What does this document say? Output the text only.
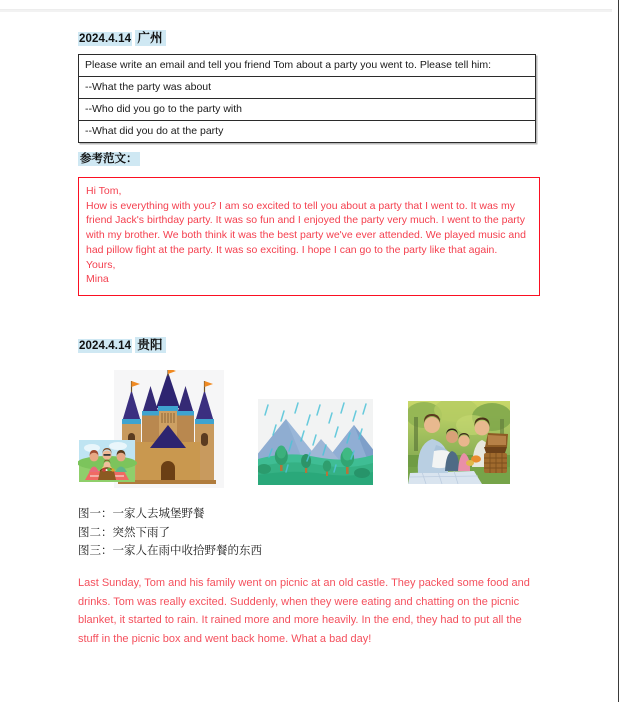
2024.4.14 广州
Please write an email and tell you friend Tom about a party you went to. Please tell him:
--What the party was about
--Who did you go to the party with
--What did you do at the party
参考范文：

Hi Tom,

How is everything with you? I am so excited to tell you about a party that I went to. It was my friend Jack's birthday party. It was so fun and I enjoyed the party very much. I went to the party with my brother. We both think it was the best party we've ever attended. We played music and had pillow fight at the party. It was so exciting. I hope I can go to the party like that again.

Yours,

Mina

2024.4.14 贵阳
图一：一家人去城堡野餐
图二：突然下雨了
图三：一家人在雨中收拾野餐的东西
Last Sunday, Tom and his family went on picnic at an old castle. They packed some food and drinks. Tom was really excited. Suddenly, when they were eating and chatting on the picnic blanket, it started to rain. It rained more and more heavily. In the end, they had to put all the stuff in the picnic box and went back home. What a bad day!
